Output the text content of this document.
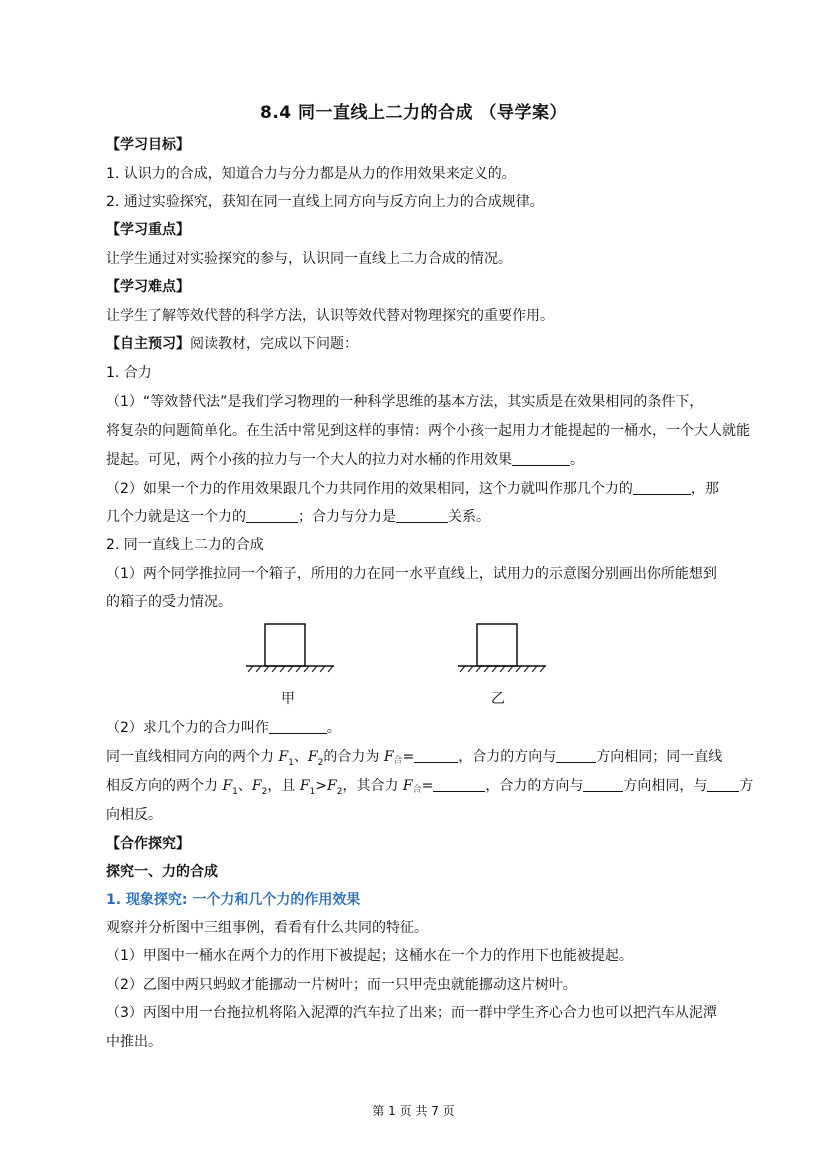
8.4 同一直线上二力的合成 （导学案）
【学习目标】
1. 认识力的合成，知道合力与分力都是从力的作用效果来定义的。
2. 通过实验探究，获知在同一直线上同方向与反方向上力的合成规律。
【学习重点】
让学生通过对实验探究的参与，认识同一直线上二力合成的情况。
【学习难点】
让学生了解等效代替的科学方法，认识等效代替对物理探究的重要作用。
【自主预习】阅读教材，完成以下问题：
1. 合力
（1）“等效替代法”是我们学习物理的一种科学思维的基本方法，其实质是在效果相同的条件下，
将复杂的问题简单化。在生活中常见到这样的事情：两个小孩一起用力才能提起的一桶水，一个大人就能
提起。可见，两个小孩的拉力与一个大人的拉力对水桶的作用效果	。
（2）如果一个力的作用效果跟几个力共同作用的效果相同，这个力就叫作那几个力的	，那
几个力就是这一个力的	；合力与分力是	关系。
2. 同一直线上二力的合成
（1）两个同学推拉同一个箱子，所用的力在同一水平直线上，试用力的示意图分别画出你所能想到
的箱子的受力情况。
甲	乙
（2）求几个力的合力叫作	。
同一直线相同方向的两个力 $F_1$、$F_2$的合力为 F合=	，合力的方向与	方向相同；同一直线
相反方向的两个力 $F_1$、$F_2$，且 $F_1>F_2$，其合力 F合=	，合力的方向与	方向相同，与 方
向相反。
【合作探究】
探究一、力的合成
1. 现象探究: 一个力和几个力的作用效果
观察并分析图中三组事例，看看有什么共同的特征。
（1）甲图中一桶水在两个力的作用下被提起；这桶水在一个力的作用下也能被提起。
（2）乙图中两只蚂蚁才能挪动一片树叶；而一只甲壳虫就能挪动这片树叶。
（3）丙图中用一台拖拉机将陷入泥潭的汽车拉了出来；而一群中学生齐心合力也可以把汽车从泥潭
中推出。
第 1 页 共 7 页
